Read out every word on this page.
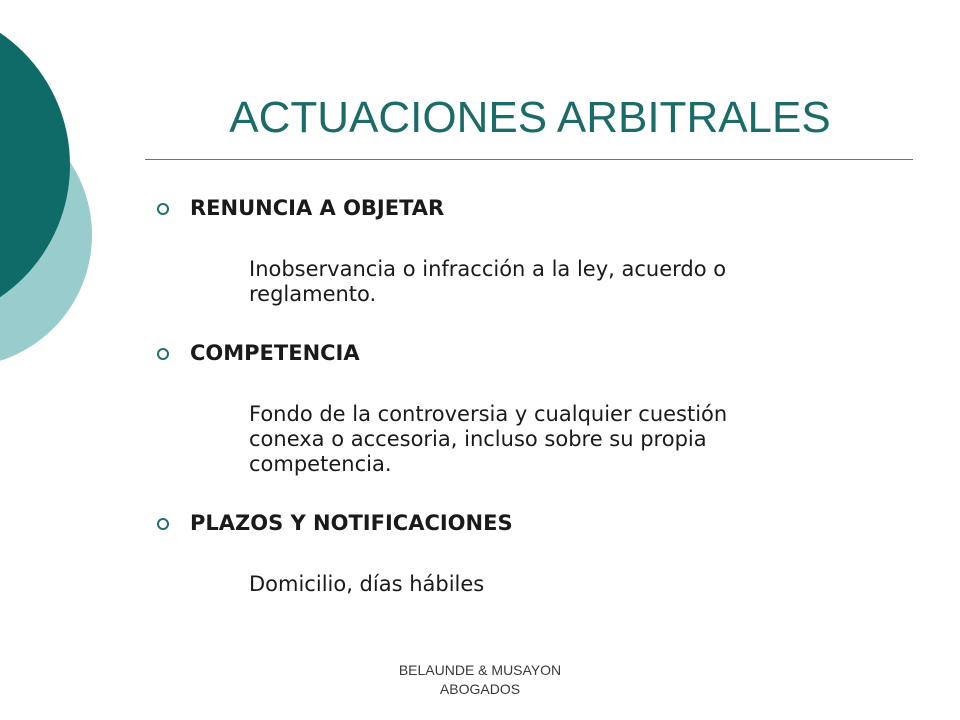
ACTUACIONES ARBITRALES
RENUNCIA A OBJETAR
Inobservancia o infracción a la ley, acuerdo o
reglamento.
COMPETENCIA
Fondo de la controversia y cualquier cuestión
conexa o accesoria, incluso sobre su propia
competencia.
PLAZOS Y NOTIFICACIONES
Domicilio, días hábiles
BELAUNDE & MUSAYON
ABOGADOS
